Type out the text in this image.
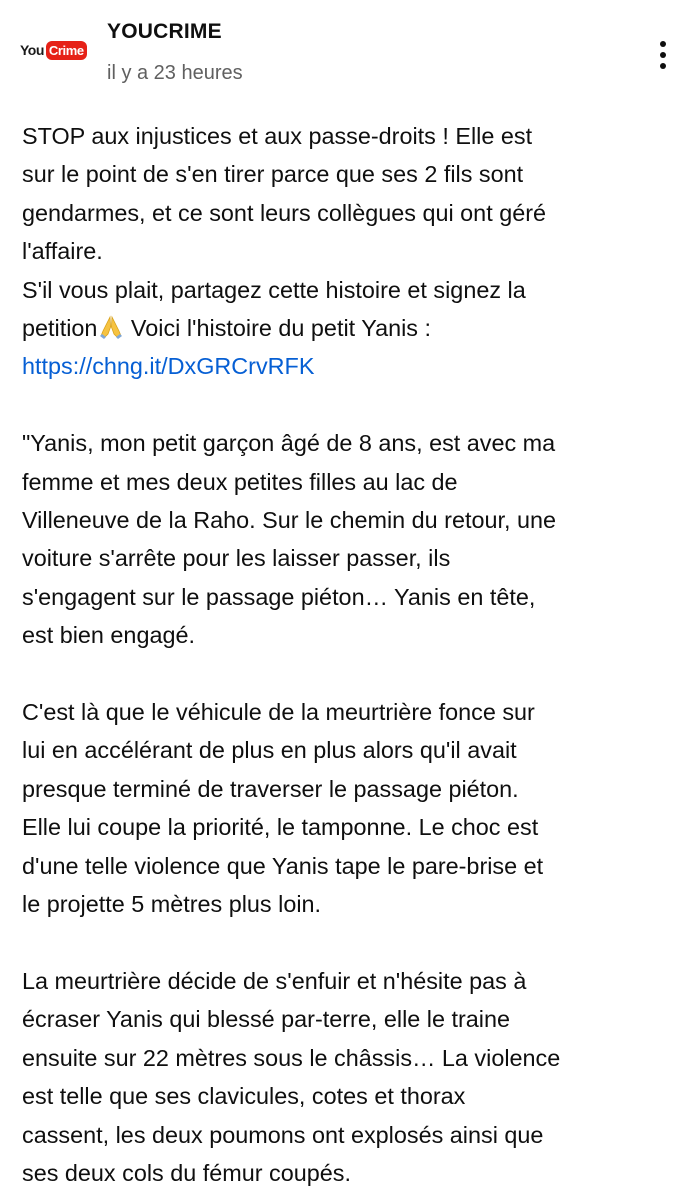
You Crime
YOUCRIME
il y a 23 heures
STOP aux injustices et aux passe-droits ! Elle est
sur le point de s'en tirer parce que ses 2 fils sont
gendarmes, et ce sont leurs collègues qui ont géré
l'affaire.
S'il vous plait, partagez cette histoire et signez la
petition Voici l'histoire du petit Yanis :
https://chng.it/DxGRCrvRFK
"Yanis, mon petit garçon âgé de 8 ans, est avec ma
femme et mes deux petites filles au lac de
Villeneuve de la Raho. Sur le chemin du retour, une
voiture s'arrête pour les laisser passer, ils
s'engagent sur le passage piéton… Yanis en tête,
est bien engagé.
C'est là que le véhicule de la meurtrière fonce sur
lui en accélérant de plus en plus alors qu'il avait
presque terminé de traverser le passage piéton.
Elle lui coupe la priorité, le tamponne. Le choc est
d'une telle violence que Yanis tape le pare-brise et
le projette 5 mètres plus loin.
La meurtrière décide de s'enfuir et n'hésite pas à
écraser Yanis qui blessé par-terre, elle le traine
ensuite sur 22 mètres sous le châssis… La violence
est telle que ses clavicules, cotes et thorax
cassent, les deux poumons ont explosés ainsi que
ses deux cols du fémur coupés.
